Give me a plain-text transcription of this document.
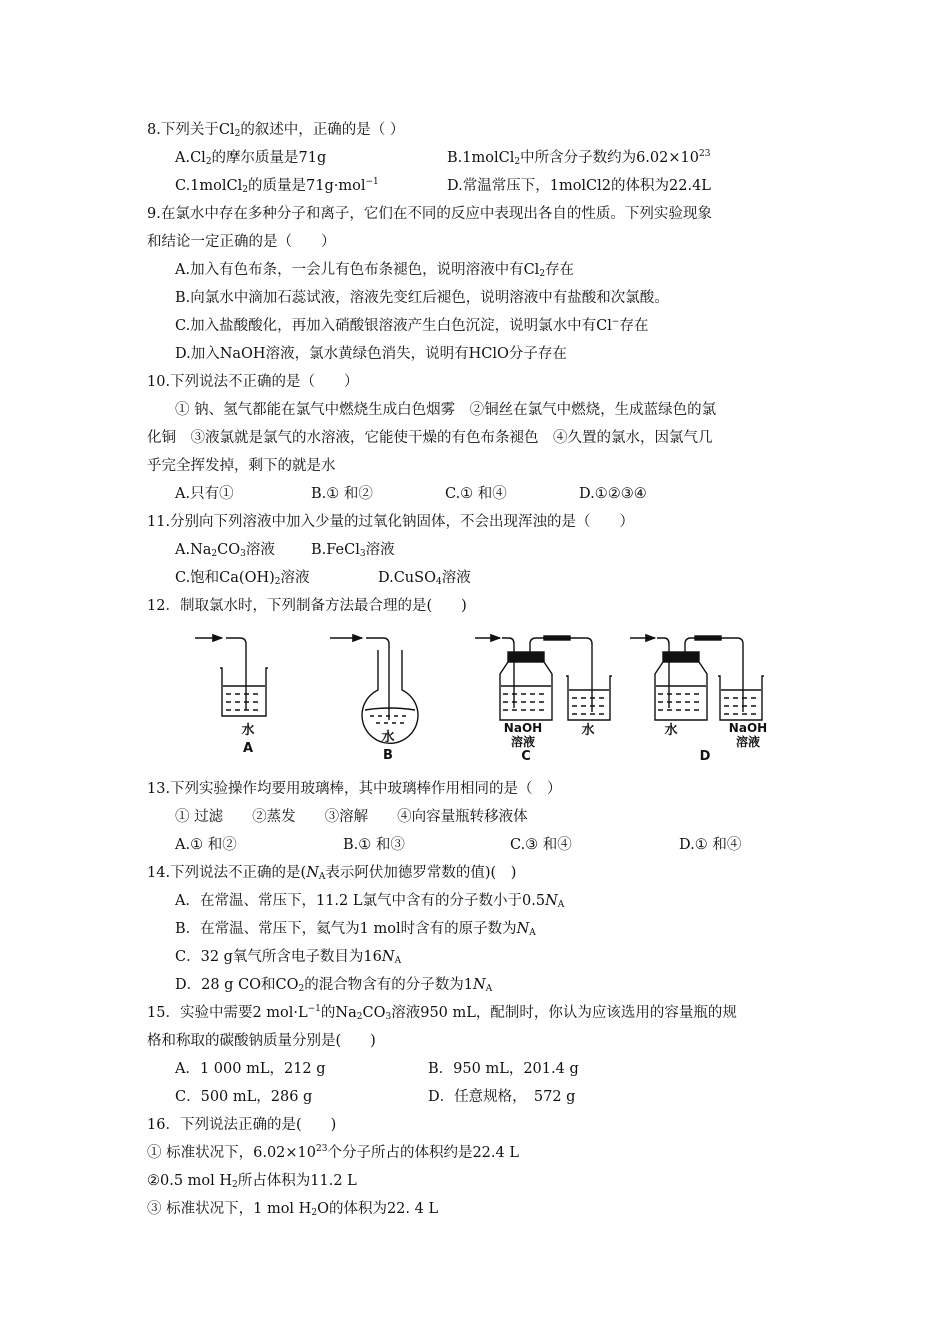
8.下列关于$Cl_2$的叙述中，正确的是（ ）
$A.Cl_2$的摩尔质量是71g	B.1molCl$_2$中所含分子数约为$6.02\times 10^{23}$
C.1molCl$_2$的质量是71g·mol$^{-1}$	D.常温常压下，1molCl2的体积为22.4L
9.在氯水中存在多种分子和离子，它们在不同的反应中表现出各自的性质。下列实验现象
和结论一定正确的是（　　）
A.加入有色布条，一会儿有色布条褪色，说明溶液中有$Cl_2$存在
B.向氯水中滴加石蕊试液，溶液先变红后褪色，说明溶液中有盐酸和次氯酸。
C.加入盐酸酸化，再加入硝酸银溶液产生白色沉淀，说明氯水中有Cl−存在
D.加入NaOH溶液，氯水黄绿色消失，说明有HClO分子存在
10.下列说法不正确的是（　　）
① 钠、氢气都能在氯气中燃烧生成白色烟雾　②铜丝在氯气中燃烧，生成蓝绿色的氯
化铜　③液氯就是氯气的水溶液，它能使干燥的有色布条褪色　④久置的氯水，因氯气几
乎完全挥发掉，剩下的就是水
A.只有①	B.① 和②	C.① 和④	D.①②③④
11.分别向下列溶液中加入少量的过氧化钠固体，不会出现浑浊的是（　　）
$A.Na_2CO_3$溶液 B.FeCl$_3$溶液
C.饱和$Ca(OH)_2$溶液	D.CuSO$_4$溶液
12．制取氯水时，下列制备方法最合理的是(　　)
水
A
水
B
NaOH
溶液
水
C
水	NaOH
溶液
D
13.下列实验操作均要用玻璃棒，其中玻璃棒作用相同的是（　）
① 过滤　　②蒸发　　③溶解　　④向容量瓶转移液体
A.① 和②	B.① 和③	C.③ 和④	D.① 和④
14.下列说法不正确的是($N_A$表示阿伏加德罗常数的值)(　)
A．在常温、常压下，11.2 L氯气中含有的分子数小于$0.5N_A$
B．在常温、常压下，氦气为1 mol时含有的原子数为$N_A$
C．32 g氧气所含电子数目为$16N_A$
D．28 g CO和$CO_2$的混合物含有的分子数为$1N_A$
15．实验中需要2 $mol\cdot L^{-1}$的$Na_2CO_3$溶液950 mL，配制时，你认为应该选用的容量瓶的规
格和称取的碳酸钠质量分别是(　　)
A．1 000 mL，212 g	B．950 mL，201.4 g
C．500 mL，286 g	D．任意规格，　572 g
16．下列说法正确的是(　　)
① 标准状况下，$6.02\times 10^{23}$个分子所占的体积约是22.4 L
②0.5 mol $H_2$所占体积为11.2 L
③ 标准状况下，1 mol $H_2O$的体积为22. 4 L
